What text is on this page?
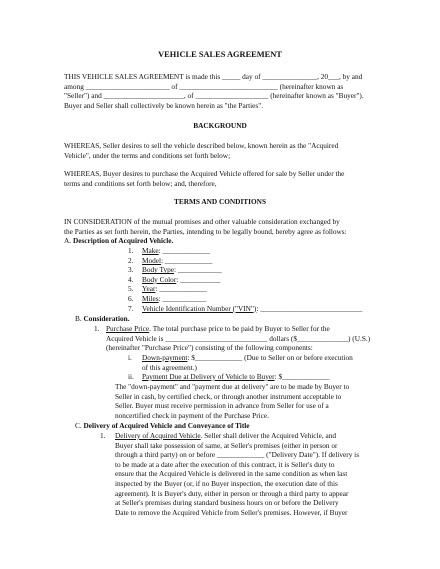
VEHICLE SALES AGREEMENT
THIS VEHICLE SALES AGREEMENT is made this _____ day of _______________, 20___, by and
among _______________________ of ___________________________ (hereinafter known as
"Seller") and ______________________, of ____________________ (hereinafter known as "Buyer").
Buyer and Seller shall collectively be known herein as "the Parties".
BACKGROUND
WHEREAS, Seller desires to sell the vehicle described below, known herein as the "Acquired
Vehicle", under the terms and conditions set forth below;
WHEREAS, Buyer desires to purchase the Acquired Vehicle offered for sale by Seller under the
terms and conditions set forth below; and, therefore,
TERMS AND CONDITIONS
IN CONSIDERATION of the mutual promises and other valuable consideration exchanged by
the Parties as set forth herein, the Parties, intending to be legally bound, hereby agree as follows:
A. Description of Acquired Vehicle.
1. Make: _____________
2. Model: _____________
3. Body Type: ____________
4. Body Color: ___________
5. Year: _____________
6. Miles: ____________
7. Vehicle Identification Number ("VIN"): ____________________________
B. Consideration.
1. Purchase Price. The total purchase price to be paid by Buyer to Seller for the
Acquired Vehicle is ____________________________ dollars ($______________) (U.S.)
(hereinafter "Purchase Price") consisting of the following components:
i. Down-payment: $_____________ (Due to Seller on or before execution
of this agreement.)
ii. Payment Due at Delivery of Vehicle to Buyer: $_____________
The "down-payment" and "payment due at delivery" are to be made by Buyer to
Seller in cash, by certified check, or through another instrument acceptable to
Seller. Buyer must receive permission in advance from Seller for use of a
noncertified check in payment of the Purchase Price.
C. Delivery of Acquired Vehicle and Conveyance of Title
1. Delivery of Acquired Vehicle. Seller shall deliver the Acquired Vehicle, and
Buyer shall take possession of same, at Seller's premises (either in person or
through a third party) on or before _____________ ("Delivery Date"). If delivery is
to be made at a date after the execution of this contract, it is Seller's duty to
ensure that the Acquired Vehicle is delivered in the same condition as when last
inspected by the Buyer (or, if no Buyer inspection, the execution date of this
agreement). It is Buyer's duty, either in person or through a third party to appear
at Seller's premises during standard business hours on or before the Delivery
Date to remove the Acquired Vehicle from Seller's premises. However, if Buyer
